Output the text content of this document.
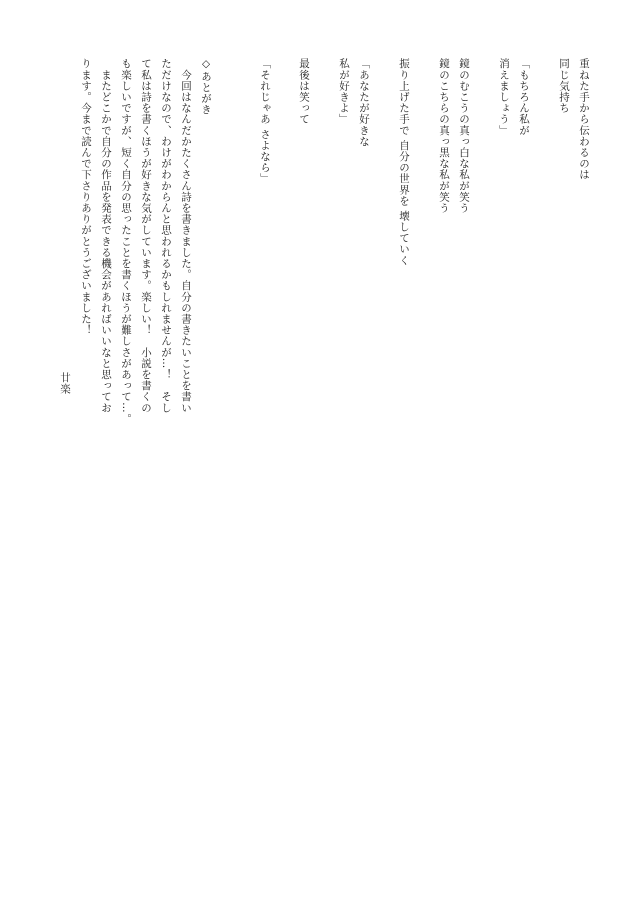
重ねた手から伝わるのは
同じ気持ち
「もちろん私が
消えましょう」
鏡のむこうの真っ白な私が笑う
鏡のこちらの真っ黒な私が笑う
振り上げた手で 自分の世界を 壊していく
「あなたが好きな
私が好きよ」
最後は笑って
「それじゃあ さよなら」
◇あとがき
　今回はなんだかたくさん詩を書きました。自分の書きたいことを書い
ただけなので、わけがわからんと思われるかもしれませんが…！　そし
て私は詩を書くほうが好きな気がしています。楽しい！　小説を書くの
も楽しいですが、短く自分の思ったことを書くほうが難しさがあって…。
　またどこかで自分の作品を発表できる機会があればいいなと思ってお
ります。今まで読んで下さりありがとうございました！
廿楽
